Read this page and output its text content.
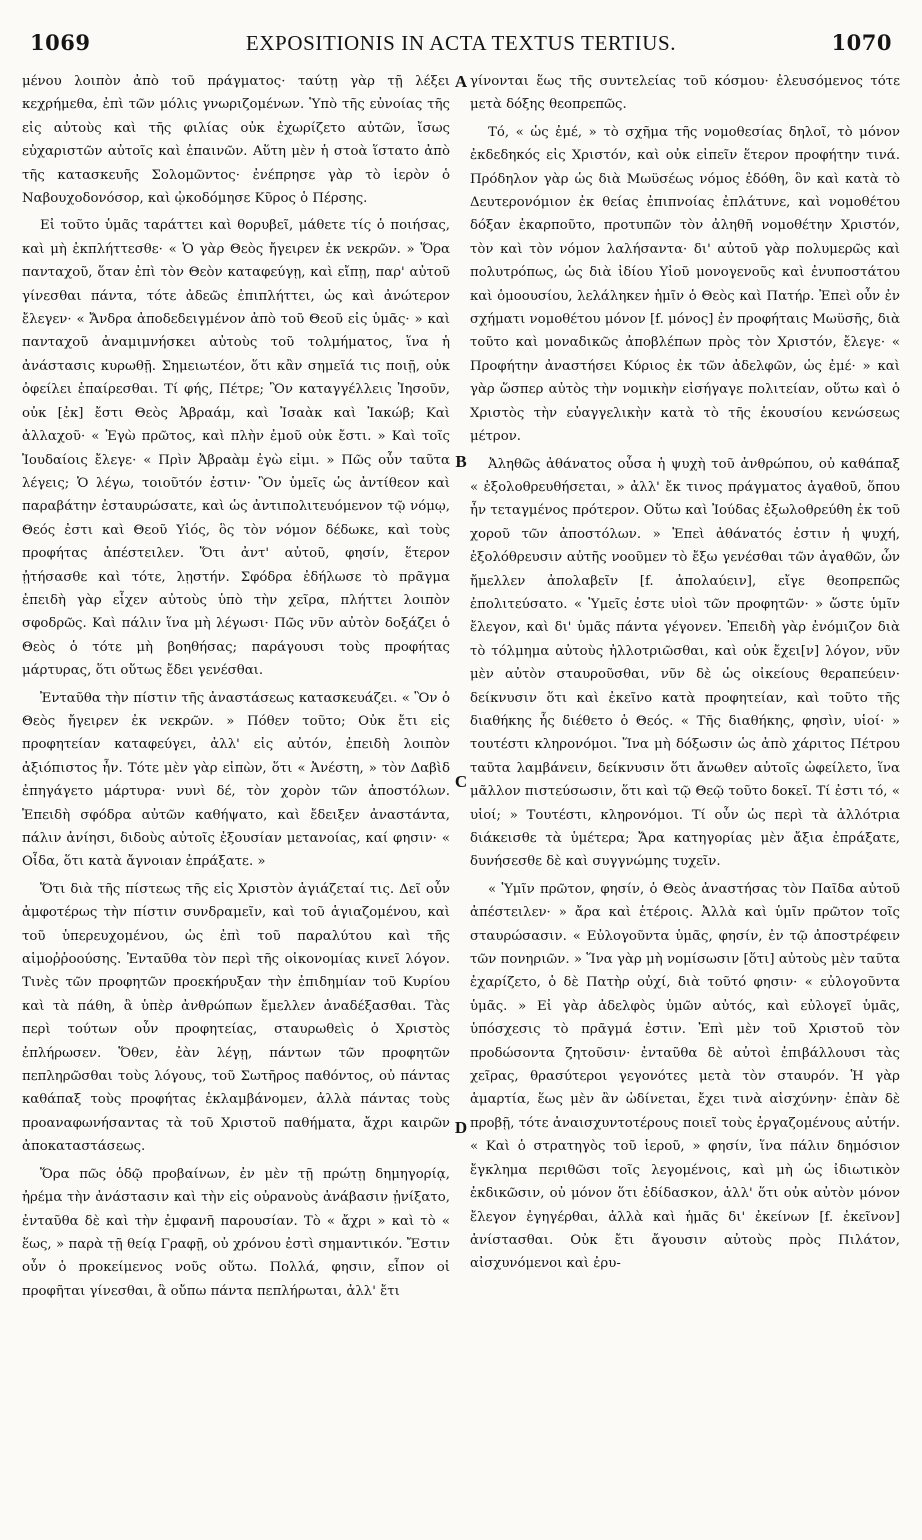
1069	EXPOSITIONIS IN ACTA TEXTUS TERTIUS.	1070

μένου λοιπὸν ἀπὸ τοῦ πράγματος· ταύτῃ γὰρ τῇ λέξει κεχρήμεθα, ἐπὶ τῶν μόλις γνωριζομένων. Ὑπὸ τῆς εὐνοίας τῆς εἰς αὐτοὺς καὶ τῆς φιλίας οὐκ ἐχωρίζετο αὐτῶν, ἴσως εὐχαριστῶν αὐτοῖς καὶ ἐπαινῶν. Αὕτη μὲν ἡ στοὰ ἵστατο ἀπὸ τῆς κατασκευῆς Σολομῶντος· ἐνέπρησε γὰρ τὸ ἱερὸν ὁ Ναβουχοδονόσορ, καὶ ᾠκοδόμησε Κῦρος ὁ Πέρσης.

Εἰ τοῦτο ὑμᾶς ταράττει καὶ θορυβεῖ, μάθετε τίς ὁ ποιήσας, καὶ μὴ ἐκπλήττεσθε· « Ὁ γὰρ Θεὸς ἤγειρεν ἐκ νεκρῶν. » Ὅρα πανταχοῦ, ὅταν ἐπὶ τὸν Θεὸν καταφεύγῃ, καὶ εἴπῃ, παρ' αὐτοῦ γίνεσθαι πάντα, τότε ἀδεῶς ἐπιπλήττει, ὡς καὶ ἀνώτερον ἔλεγεν· « Ἄνδρα ἀποδεδειγμένον ἀπὸ τοῦ Θεοῦ εἰς ὑμᾶς· » καὶ πανταχοῦ ἀναμιμνήσκει αὐτοὺς τοῦ τολμήματος, ἵνα ἡ ἀνάστασις κυρωθῇ. Σημειωτέον, ὅτι κἂν σημεῖά τις ποιῇ, οὐκ ὀφείλει ἐπαίρεσθαι. Τί φής, Πέτρε; Ὃν καταγγέλλεις Ἰησοῦν, οὐκ [ἐκ] ἔστι Θεὸς Ἀβραάμ, καὶ Ἰσαὰκ καὶ Ἰακώβ; Καὶ ἀλλαχοῦ· « Ἐγὼ πρῶτος, καὶ πλὴν ἐμοῦ οὐκ ἔστι. » Καὶ τοῖς Ἰουδαίοις ἔλεγε· « Πρὶν Ἀβραὰμ ἐγὼ εἰμι. » Πῶς οὖν ταῦτα λέγεις; Ὁ λέγω, τοιοῦτόν ἐστιν· Ὃν ὑμεῖς ὡς ἀντίθεον καὶ παραβάτην ἐσταυρώσατε, καὶ ὡς ἀντιπολιτευόμενον τῷ νόμῳ, Θεός ἐστι καὶ Θεοῦ Υἱός, ὃς τὸν νόμον δέδωκε, καὶ τοὺς προφήτας ἀπέστειλεν. Ὅτι ἀντ' αὐτοῦ, φησίν, ἕτερον ᾐτήσασθε καὶ τότε, λῃστήν. Σφόδρα ἐδήλωσε τὸ πρᾶγμα ἐπειδὴ γὰρ εἶχεν αὐτοὺς ὑπὸ τὴν χεῖρα, πλήττει λοιπὸν σφοδρῶς. Καὶ πάλιν ἵνα μὴ λέγωσι· Πῶς νῦν αὐτὸν δοξάζει ὁ Θεὸς ὁ τότε μὴ βοηθήσας; παράγουσι τοὺς προφήτας μάρτυρας, ὅτι οὕτως ἔδει γενέσθαι.

Ἐνταῦθα τὴν πίστιν τῆς ἀναστάσεως κατασκευάζει. « Ὃν ὁ Θεὸς ἤγειρεν ἐκ νεκρῶν. » Πόθεν τοῦτο; Οὐκ ἔτι εἰς προφητείαν καταφεύγει, ἀλλ' εἰς αὐτόν, ἐπειδὴ λοιπὸν ἀξιόπιστος ἦν. Τότε μὲν γὰρ εἰπὼν, ὅτι « Ἀνέστη, » τὸν Δαβὶδ ἐπηγάγετο μάρτυρα· νυνὶ δέ, τὸν χορὸν τῶν ἀποστόλων. Ἐπειδὴ σφόδρα αὐτῶν καθήψατο, καὶ ἔδειξεν ἀναστάντα, πάλιν ἀνίησι, διδοὺς αὐτοῖς ἐξουσίαν μετανοίας, καί φησιν· « Οἶδα, ὅτι κατὰ ἄγνοιαν ἐπράξατε. »

Ὅτι διὰ τῆς πίστεως τῆς εἰς Χριστὸν ἁγιάζεταί τις. Δεῖ οὖν ἀμφοτέρως τὴν πίστιν συνδραμεῖν, καὶ τοῦ ἁγιαζομένου, καὶ τοῦ ὑπερευχομένου, ὡς ἐπὶ τοῦ παραλύτου καὶ τῆς αἱμοῤῥοούσης. Ἐνταῦθα τὸν περὶ τῆς οἰκονομίας κινεῖ λόγον. Τινὲς τῶν προφητῶν προεκήρυξαν τὴν ἐπιδημίαν τοῦ Κυρίου καὶ τὰ πάθη, ἃ ὑπὲρ ἀνθρώπων ἔμελλεν ἀναδέξασθαι. Τὰς περὶ τούτων οὖν προφητείας, σταυρωθεὶς ὁ Χριστὸς ἐπλήρωσεν. Ὅθεν, ἐὰν λέγῃ, πάντων τῶν προφητῶν πεπληρῶσθαι τοὺς λόγους, τοῦ Σωτῆρος παθόντος, οὐ πάντας καθάπαξ τοὺς προφήτας ἐκλαμβάνομεν, ἀλλὰ πάντας τοὺς προαναφωνήσαντας τὰ τοῦ Χριστοῦ παθήματα, ἄχρι καιρῶν ἀποκαταστάσεως.

Ὅρα πῶς ὁδῷ προβαίνων, ἐν μὲν τῇ πρώτῃ δημηγορίᾳ, ἠρέμα τὴν ἀνάστασιν καὶ τὴν εἰς οὐρανοὺς ἀνάβασιν ᾐνίξατο, ἐνταῦθα δὲ καὶ τὴν ἐμφανῆ παρουσίαν. Τὸ « ἄχρι » καὶ τὸ « ἕως, » παρὰ τῇ θείᾳ Γραφῇ, οὐ χρόνου ἐστὶ σημαντικόν. Ἔστιν οὖν ὁ προκείμενος νοῦς οὕτω. Πολλά, φησιν, εἶπον οἱ προφῆται γίνεσθαι, ἃ οὔπω πάντα πεπλήρωται, ἀλλ' ἔτι

A
B
C
D

γίνονται ἕως τῆς συντελείας τοῦ κόσμου· ἐλευσόμενος τότε μετὰ δόξης θεοπρεπῶς.

Τό, « ὡς ἐμέ, » τὸ σχῆμα τῆς νομοθεσίας δηλοῖ, τὸ μόνον ἐκδεδηκός εἰς Χριστόν, καὶ οὐκ εἰπεῖν ἕτερον προφήτην τινά. Πρόδηλον γὰρ ὡς διὰ Μωϋσέως νόμος ἐδόθη, ὃν καὶ κατὰ τὸ Δευτερονόμιον ἐκ θείας ἐπιπνοίας ἐπλάτυνε, καὶ νομοθέτου δόξαν ἐκαρποῦτο, προτυπῶν τὸν ἀληθῆ νομοθέτην Χριστόν, τὸν καὶ τὸν νόμον λαλήσαντα· δι' αὐτοῦ γὰρ πολυμερῶς καὶ πολυτρόπως, ὡς διὰ ἰδίου Υἱοῦ μονογενοῦς καὶ ἐνυποστάτου καὶ ὁμοουσίου, λελάληκεν ἡμῖν ὁ Θεὸς καὶ Πατήρ. Ἐπεὶ οὖν ἐν σχήματι νομοθέτου μόνον [f. μόνος] ἐν προφήταις Μωϋσῆς, διὰ τοῦτο καὶ μοναδικῶς ἀποβλέπων πρὸς τὸν Χριστόν, ἔλεγε· « Προφήτην ἀναστήσει Κύριος ἐκ τῶν ἀδελφῶν, ὡς ἐμέ· » καὶ γὰρ ὥσπερ αὐτὸς τὴν νομικὴν εἰσήγαγε πολιτείαν, οὕτω καὶ ὁ Χριστὸς τὴν εὐαγγελικὴν κατὰ τὸ τῆς ἐκουσίου κενώσεως μέτρον.

Ἀληθῶς ἀθάνατος οὖσα ἡ ψυχὴ τοῦ ἀνθρώπου, οὐ καθάπαξ « ἐξολοθρευθήσεται, » ἀλλ' ἔκ τινος πράγματος ἀγαθοῦ, ὅπου ἦν τεταγμένος πρότερον. Οὕτω καὶ Ἰούδας ἐξωλοθρεύθη ἐκ τοῦ χοροῦ τῶν ἀποστόλων. » Ἐπεὶ ἀθάνατός ἐστιν ἡ ψυχή, ἐξολόθρευσιν αὐτῆς νοοῦμεν τὸ ἔξω γενέσθαι τῶν ἀγαθῶν, ὧν ἤμελλεν ἀπολαβεῖν [f. ἀπολαύειν], εἴγε θεοπρεπῶς ἐπολιτεύσατο. « Ὑμεῖς ἐστε υἱοὶ τῶν προφητῶν· » ὥστε ὑμῖν ἔλεγον, καὶ δι' ὑμᾶς πάντα γέγονεν. Ἐπειδὴ γὰρ ἐνόμιζον διὰ τὸ τόλμημα αὐτοὺς ἠλλοτριῶσθαι, καὶ οὐκ ἔχει[ν] λόγον, νῦν μὲν αὐτὸν σταυροῦσθαι, νῦν δὲ ὡς οἰκείους θεραπεύειν· δείκνυσιν ὅτι καὶ ἐκεῖνο κατὰ προφητείαν, καὶ τοῦτο τῆς διαθήκης ἧς διέθετο ὁ Θεός. « Τῆς διαθήκης, φησὶν, υἱοί· » τουτέστι κληρονόμοι. Ἵνα μὴ δόξωσιν ὡς ἀπὸ χάριτος Πέτρου ταῦτα λαμβάνειν, δείκνυσιν ὅτι ἄνωθεν αὐτοῖς ὠφείλετο, ἵνα μᾶλλον πιστεύσωσιν, ὅτι καὶ τῷ Θεῷ τοῦτο δοκεῖ. Τί ἐστι τό, « υἱοί; » Τουτέστι, κληρονόμοι. Τί οὖν ὡς περὶ τὰ ἀλλότρια διάκεισθε τὰ ὑμέτερα; Ἄρα κατηγορίας μὲν ἄξια ἐπράξατε, δυνήσεσθε δὲ καὶ συγγνώμης τυχεῖν.

« Ὑμῖν πρῶτον, φησίν, ὁ Θεὸς ἀναστήσας τὸν Παῖδα αὐτοῦ ἀπέστειλεν· » ἄρα καὶ ἑτέροις. Ἀλλὰ καὶ ὑμῖν πρῶτον τοῖς σταυρώσασιν. « Εὐλογοῦντα ὑμᾶς, φησίν, ἐν τῷ ἀποστρέφειν τῶν πονηριῶν. » Ἵνα γὰρ μὴ νομίσωσιν [ὅτι] αὐτοὺς μὲν ταῦτα ἐχαρίζετο, ὁ δὲ Πατὴρ οὐχί, διὰ τοῦτό φησιν· « εὐλογοῦντα ὑμᾶς. » Εἰ γὰρ ἀδελφὸς ὑμῶν αὐτός, καὶ εὐλογεῖ ὑμᾶς, ὑπόσχεσις τὸ πρᾶγμά ἐστιν. Ἐπὶ μὲν τοῦ Χριστοῦ τὸν προδώσοντα ζητοῦσιν· ἐνταῦθα δὲ αὐτοὶ ἐπιβάλλουσι τὰς χεῖρας, θρασύτεροι γεγονότες μετὰ τὸν σταυρόν. Ἡ γὰρ ἁμαρτία, ἕως μὲν ἂν ὠδίνεται, ἔχει τινὰ αἰσχύνην· ἐπὰν δὲ προβῇ, τότε ἀναισχυντοτέρους ποιεῖ τοὺς ἐργαζομένους αὐτήν. « Καὶ ὁ στρατηγὸς τοῦ ἱεροῦ, » φησίν, ἵνα πάλιν δημόσιον ἔγκλημα περιθῶσι τοῖς λεγομένοις, καὶ μὴ ὡς ἰδιωτικὸν ἐκδικῶσιν, οὐ μόνον ὅτι ἐδίδασκον, ἀλλ' ὅτι οὐκ αὐτὸν μόνον ἔλεγον ἐγηγέρθαι, ἀλλὰ καὶ ἡμᾶς δι' ἐκείνων [f. ἐκεῖνον] ἀνίστασθαι. Οὐκ ἔτι ἄγουσιν αὐτοὺς πρὸς Πιλάτον, αἰσχυνόμενοι καὶ ἐρυ-
